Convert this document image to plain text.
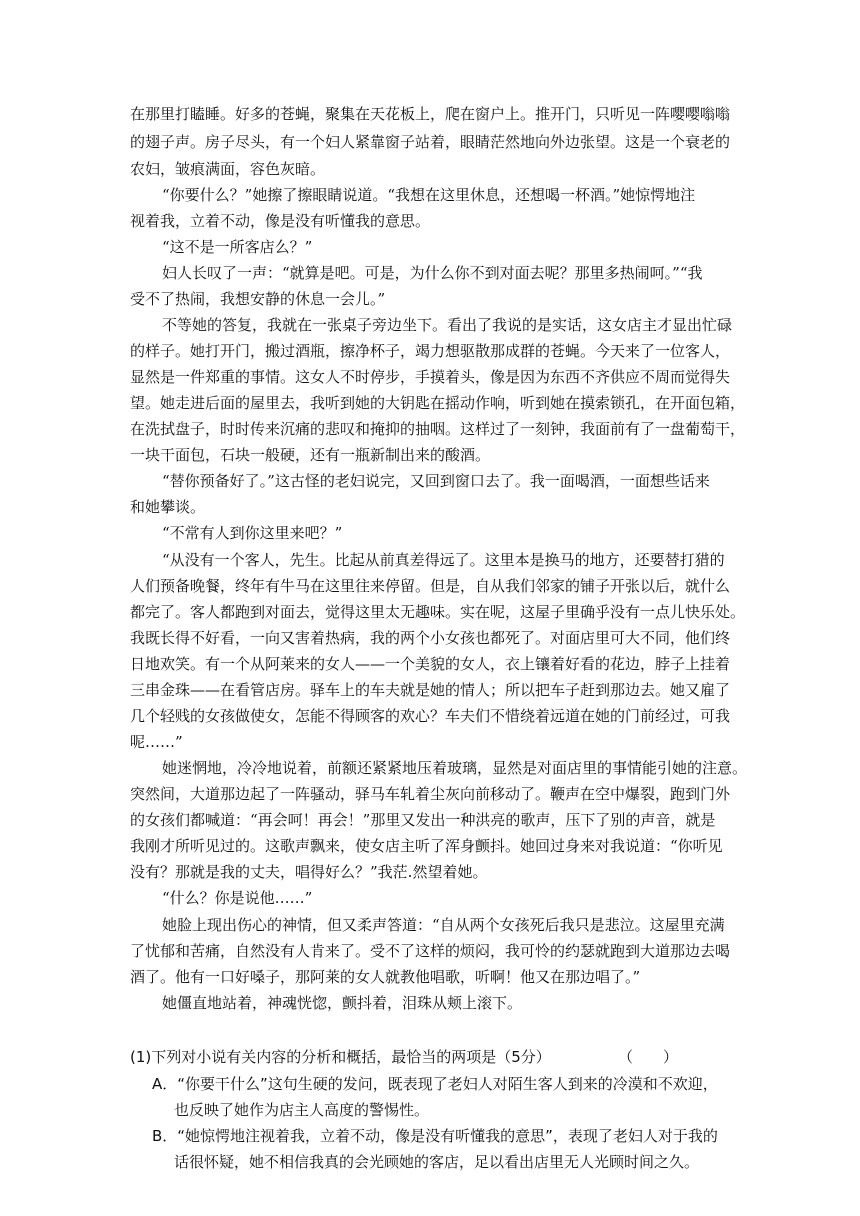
在那里打瞌睡。好多的苍蝇，聚集在天花板上，爬在窗户上。推开门，只听见一阵嘤嘤嗡嗡
的翅子声。房子尽头，有一个妇人紧靠窗子站着，眼睛茫然地向外边张望。这是一个衰老的
农妇，皱痕满面，容色灰暗。
“你要什么？”她擦了擦眼睛说道。“我想在这里休息，还想喝一杯酒。”她惊愕地注
视着我，立着不动，像是没有听懂我的意思。
“这不是一所客店么？”
妇人长叹了一声：“就算是吧。可是，为什么你不到对面去呢？那里多热闹呵。”“我
受不了热闹，我想安静的休息一会儿。”
不等她的答复，我就在一张桌子旁边坐下。看出了我说的是实话，这女店主才显出忙碌
的样子。她打开门，搬过酒瓶，擦净杯子，竭力想驱散那成群的苍蝇。今天来了一位客人，
显然是一件郑重的事情。这女人不时停步，手摸着头，像是因为东西不齐供应不周而觉得失
望。她走进后面的屋里去，我听到她的大钥匙在摇动作响，听到她在摸索锁孔，在开面包箱，
在洗拭盘子，时时传来沉痛的悲叹和掩抑的抽咽。这样过了一刻钟，我面前有了一盘葡萄干，
一块干面包，石块一般硬，还有一瓶新制出来的酸酒。
“替你预备好了。”这古怪的老妇说完，又回到窗口去了。我一面喝酒，一面想些话来
和她攀谈。
“不常有人到你这里来吧？”
“从没有一个客人，先生。比起从前真差得远了。这里本是换马的地方，还要替打猎的
人们预备晚餐，终年有牛马在这里往来停留。但是，自从我们邻家的铺子开张以后，就什么
都完了。客人都跑到对面去，觉得这里太无趣味。实在呢，这屋子里确乎没有一点儿快乐处。
我既长得不好看，一向又害着热病，我的两个小女孩也都死了。对面店里可大不同，他们终
日地欢笑。有一个从阿莱来的女人——一个美貌的女人，衣上镶着好看的花边，脖子上挂着
三串金珠——在看管店房。驿车上的车夫就是她的情人；所以把车子赶到那边去。她又雇了
几个轻贱的女孩做使女，怎能不得顾客的欢心？车夫们不惜绕着远道在她的门前经过，可我
呢……”
她迷惘地，冷冷地说着，前额还紧紧地压着玻璃，显然是对面店里的事情能引她的注意。
突然间，大道那边起了一阵骚动，驿马车轧着尘灰向前移动了。鞭声在空中爆裂，跑到门外
的女孩们都喊道：“再会呵！再会！”那里又发出一种洪亮的歌声，压下了别的声音，就是
我刚才所听见过的。这歌声飘来，使女店主听了浑身颤抖。她回过身来对我说道：“你听见
没有？那就是我的丈夫，唱得好么？”我茫.然望着她。
“什么？你是说他……”
她脸上现出伤心的神情，但又柔声答道：“自从两个女孩死后我只是悲泣。这屋里充满
了忧郁和苦痛，自然没有人肯来了。受不了这样的烦闷，我可怜的约瑟就跑到大道那边去喝
酒了。他有一口好嗓子，那阿莱的女人就教他唱歌，听啊！他又在那边唱了。”
她僵直地站着，神魂恍惚，颤抖着，泪珠从颊上滚下。
(1)下列对小说有关内容的分析和概括，最恰当的两项是（5分）	（　　）
A．“你要干什么”这句生硬的发问，既表现了老妇人对陌生客人到来的冷漠和不欢迎，
也反映了她作为店主人高度的警惕性。
B．“她惊愕地注视着我，立着不动，像是没有听懂我的意思”，表现了老妇人对于我的
话很怀疑，她不相信我真的会光顾她的客店，足以看出店里无人光顾时间之久。
